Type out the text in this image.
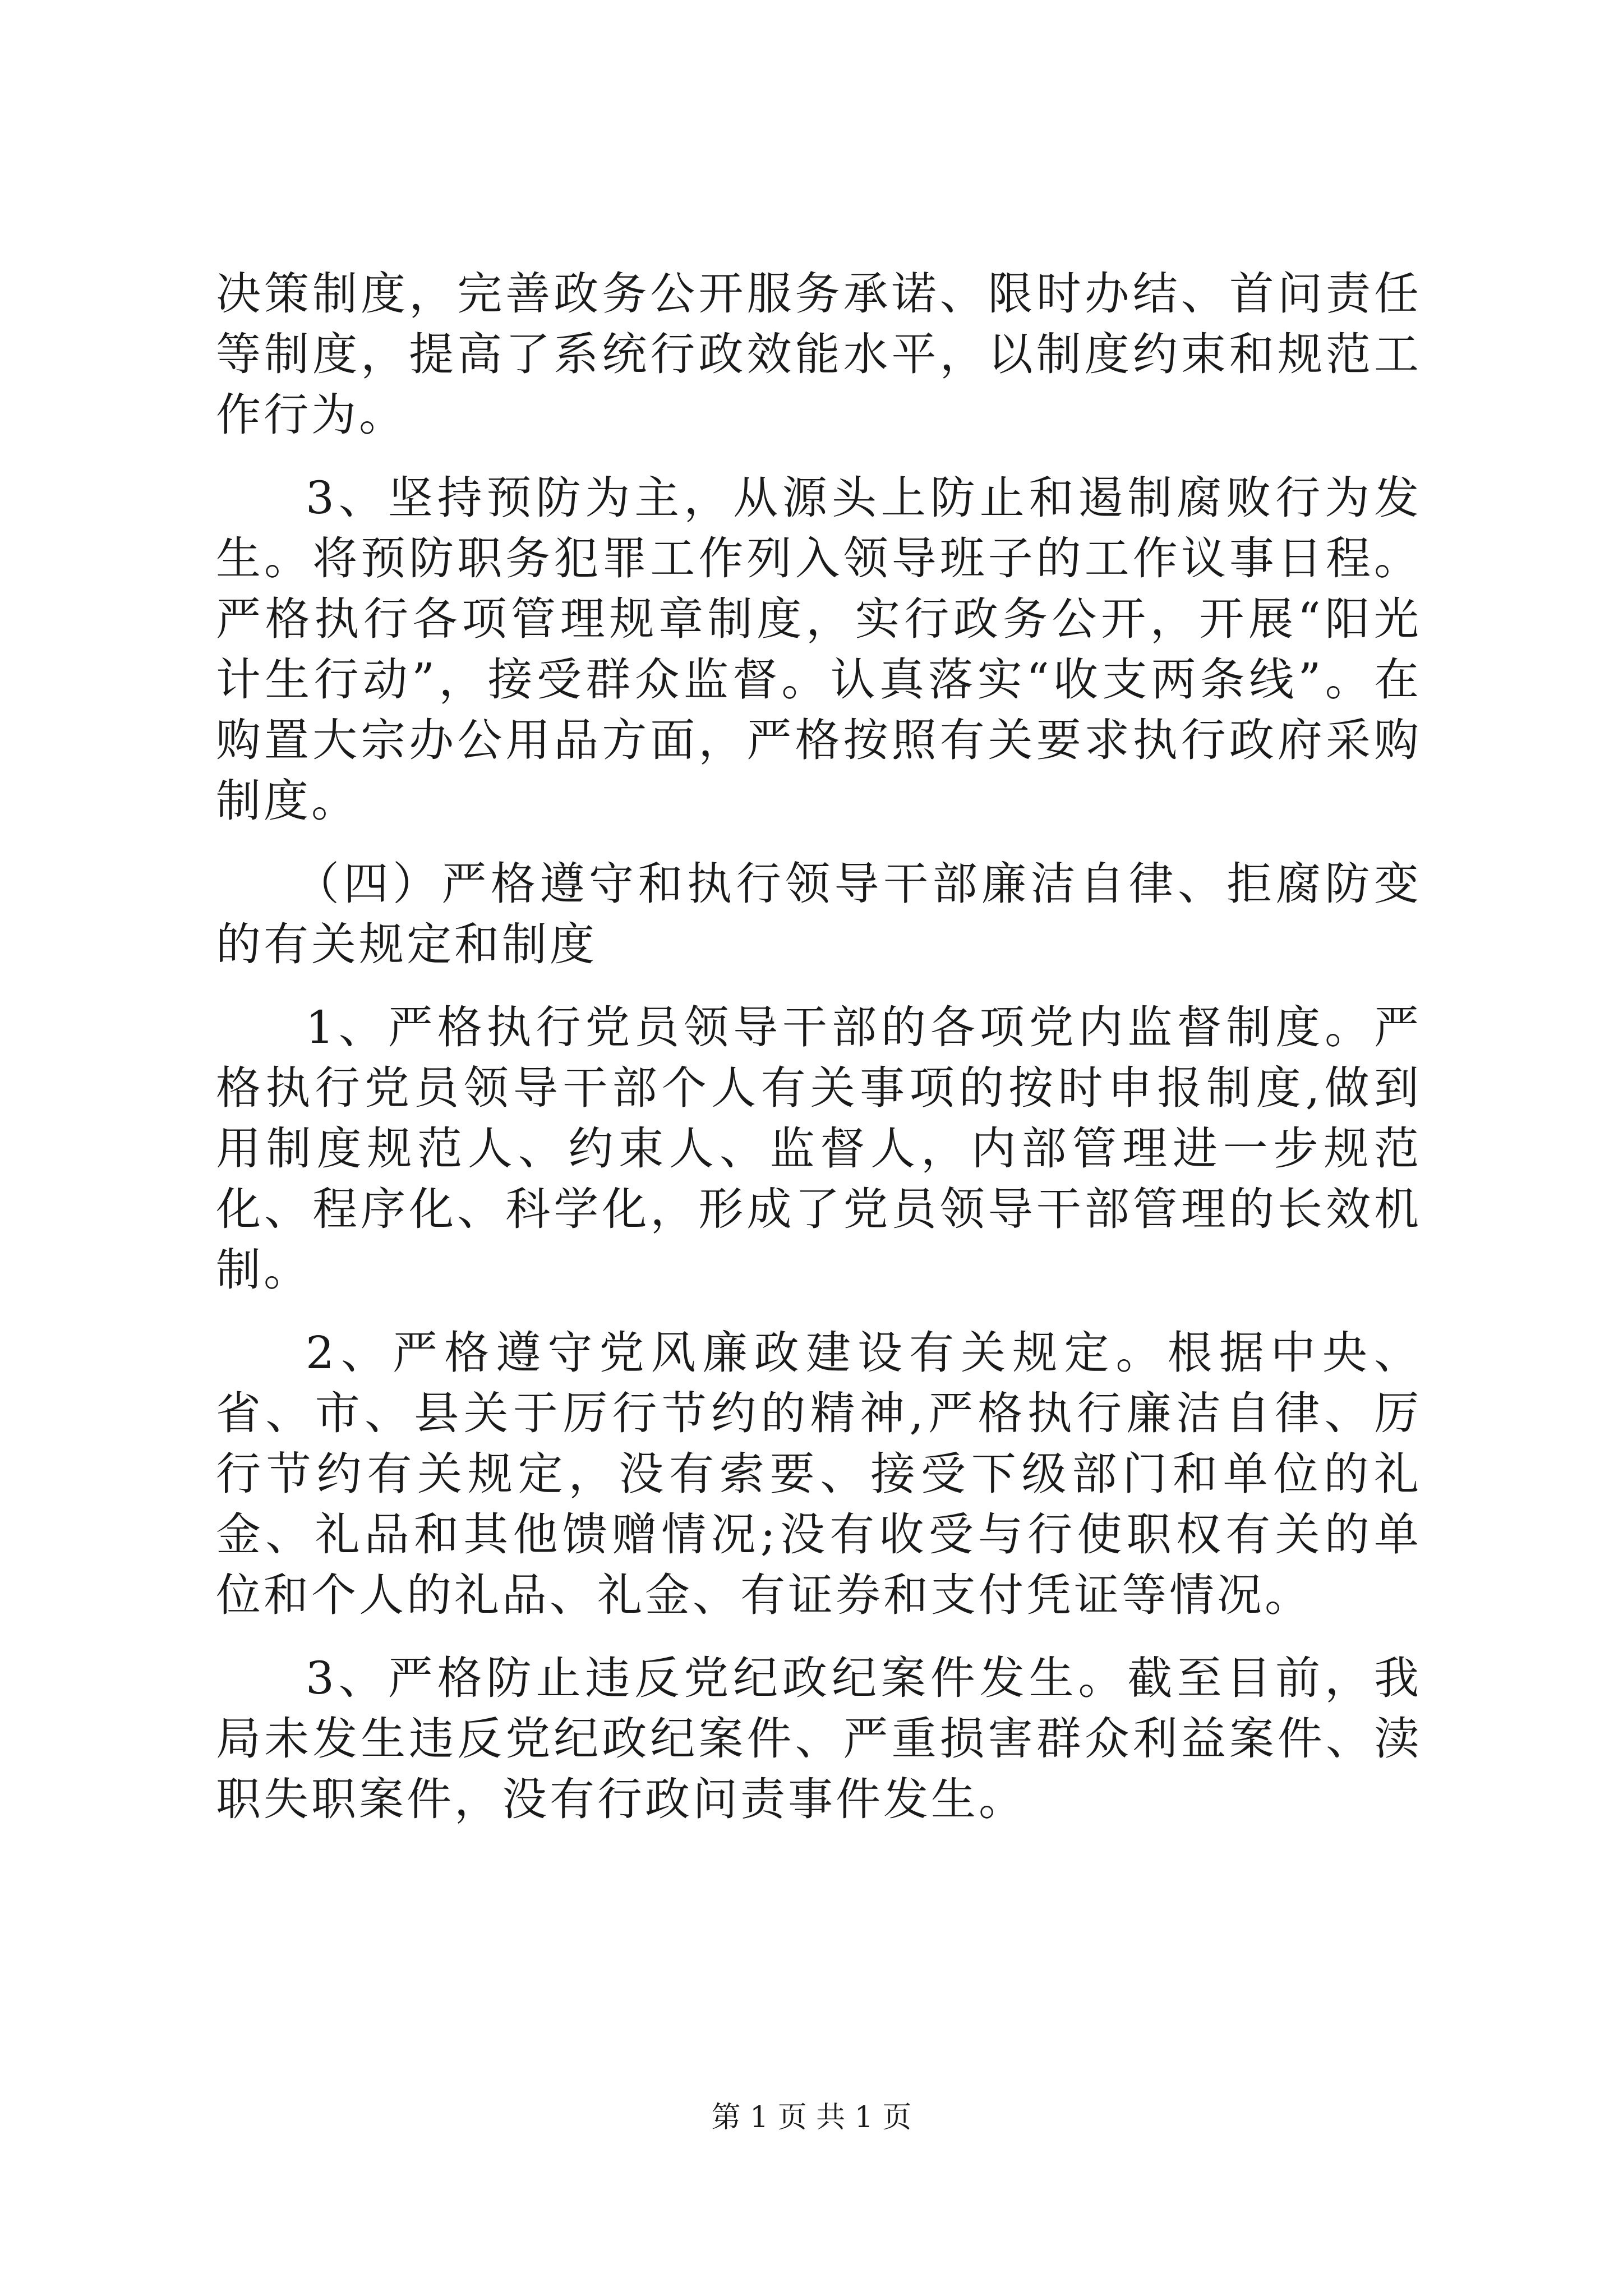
决策制度，完善政务公开服务承诺、限时办结、首问责任等制度，提高了系统行政效能水平，以制度约束和规范工作行为。

3、坚持预防为主，从源头上防止和遏制腐败行为发生。将预防职务犯罪工作列入领导班子的工作议事日程。严格执行各项管理规章制度，实行政务公开，开展“阳光计生行动”，接受群众监督。认真落实“收支两条线”。在购置大宗办公用品方面，严格按照有关要求执行政府采购制度。

（四）严格遵守和执行领导干部廉洁自律、拒腐防变的有关规定和制度

1、严格执行党员领导干部的各项党内监督制度。严格执行党员领导干部个人有关事项的按时申报制度,做到用制度规范人、约束人、监督人，内部管理进一步规范化、程序化、科学化，形成了党员领导干部管理的长效机制。

2、严格遵守党风廉政建设有关规定。根据中央、省、市、县关于厉行节约的精神,严格执行廉洁自律、厉行节约有关规定，没有索要、接受下级部门和单位的礼金、礼品和其他馈赠情况;没有收受与行使职权有关的单位和个人的礼品、礼金、有证券和支付凭证等情况。

3、严格防止违反党纪政纪案件发生。截至目前，我局未发生违反党纪政纪案件、严重损害群众利益案件、渎职失职案件，没有行政问责事件发生。

第 1 页 共 1 页
